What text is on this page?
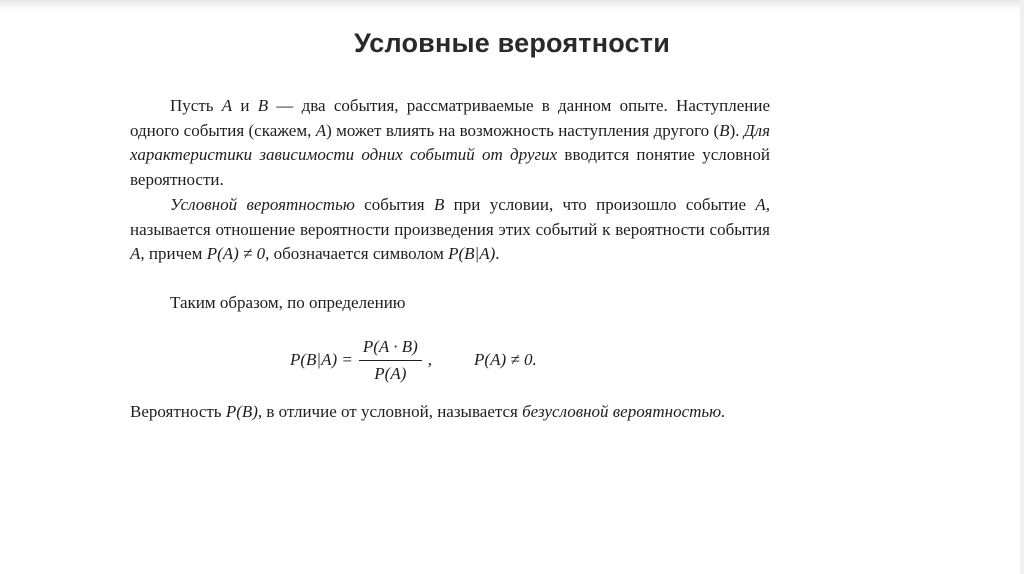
Условные вероятности
Пусть A и B — два события, рассматриваемые в данном опыте. Наступление одного события (скажем, A) может влиять на возможность наступления другого (B). Для характеристики зависимости одних событий от других вводится понятие условной вероятности.
Условной вероятностью события B при условии, что произошло событие A, называется отношение вероятности произведения этих событий к вероятности события A, причем P(A) ≠ 0, обозначается символом P(B|A).
Таким образом, по определению
$P(B|A) = \frac{P(A \cdot B)}{P(A)}$ , P(A) ≠ 0.
Вероятность P(B), в отличие от условной, называется безусловной вероятностью.
